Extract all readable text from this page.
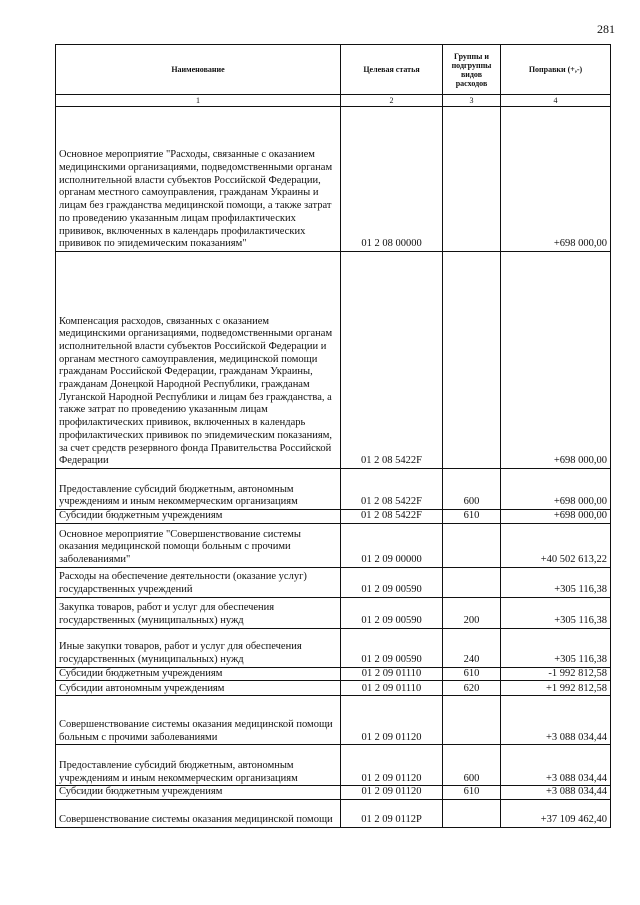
281
Наименование	Целевая статья	Группы и подгруппы видов расходов	Поправки (+,-)
1	2	3	4
Основное мероприятие "Расходы, связанные с оказанием медицинскими организациями, подведомственными органам исполнительной власти субъектов Российской Федерации, органам местного самоуправления, гражданам Украины и лицам без гражданства медицинской помощи, а также затрат по проведению указанным лицам профилактических прививок, включенных в календарь профилактических прививок по эпидемическим показаниям"	01 2 08 00000		+698 000,00
Компенсация расходов, связанных с оказанием медицинскими организациями, подведомственными органам исполнительной власти субъектов Российской Федерации и органам местного самоуправления, медицинской помощи гражданам Российской Федерации, гражданам Украины, гражданам Донецкой Народной Республики, гражданам Луганской Народной Республики и лицам без гражданства, а также затрат по проведению указанным лицам профилактических прививок, включенных в календарь профилактических прививок по эпидемическим показаниям, за счет средств резервного фонда Правительства Российской Федерации	01 2 08 5422F		+698 000,00
Предоставление субсидий бюджетным, автономным учреждениям и иным некоммерческим организациям	01 2 08 5422F	600	+698 000,00
Субсидии бюджетным учреждениям	01 2 08 5422F	610	+698 000,00
Основное мероприятие "Совершенствование системы оказания медицинской помощи больным с прочими заболеваниями"	01 2 09 00000		+40 502 613,22
Расходы на обеспечение деятельности (оказание услуг) государственных учреждений	01 2 09 00590		+305 116,38
Закупка товаров, работ и услуг для обеспечения государственных (муниципальных) нужд	01 2 09 00590	200	+305 116,38
Иные закупки товаров, работ и услуг для обеспечения государственных (муниципальных) нужд	01 2 09 00590	240	+305 116,38
Субсидии бюджетным учреждениям	01 2 09 01110	610	-1 992 812,58
Субсидии автономным учреждениям	01 2 09 01110	620	+1 992 812,58
Совершенствование системы оказания медицинской помощи больным с прочими заболеваниями	01 2 09 01120		+3 088 034,44
Предоставление субсидий бюджетным, автономным учреждениям и иным некоммерческим организациям	01 2 09 01120	600	+3 088 034,44
Субсидии бюджетным учреждениям	01 2 09 01120	610	+3 088 034,44
Совершенствование системы оказания медицинской помощи	01 2 09 0112P		+37 109 462,40
